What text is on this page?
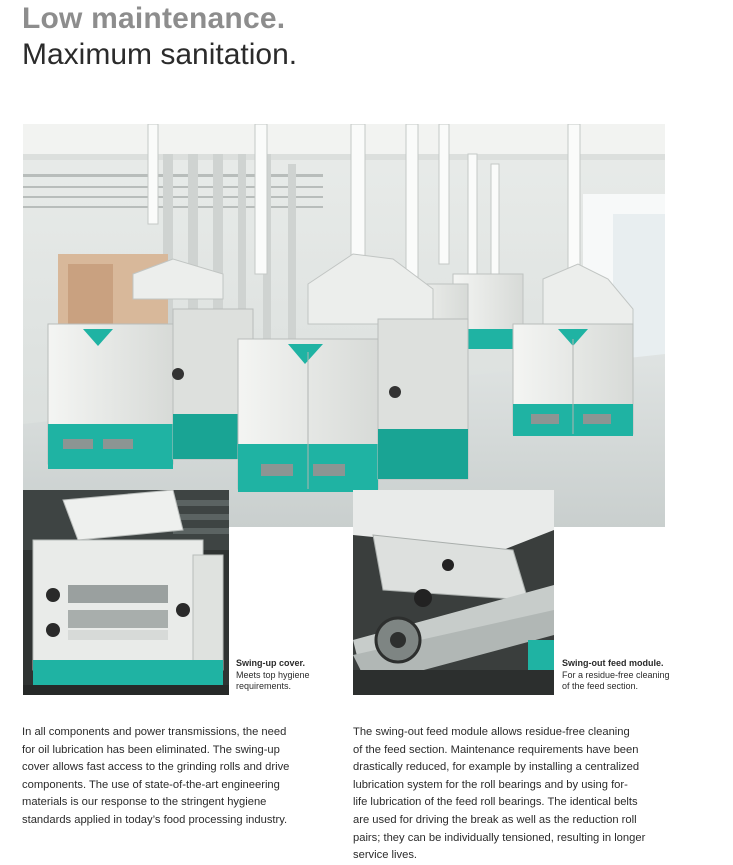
Low maintenance.
Maximum sanitation.
Swing-up cover.
Meets top hygiene
requirements.
Swing-out feed module.
For a residue-free cleaning
of the feed section.
In all components and power transmissions, the need
for oil lubrication has been eliminated. The swing-up
cover allows fast access to the grinding rolls and drive
components. The use of state-of-the-art engineering
materials is our response to the stringent hygiene
standards applied in today’s food processing industry.
The swing-out feed module allows residue-free cleaning
of the feed section. Maintenance requirements have been
drastically reduced, for example by installing a centralized
lubrication system for the roll bearings and by using for-
life lubrication of the feed roll bearings. The identical belts
are used for driving the break as well as the reduction roll
pairs; they can be individually tensioned, resulting in longer
service lives.
